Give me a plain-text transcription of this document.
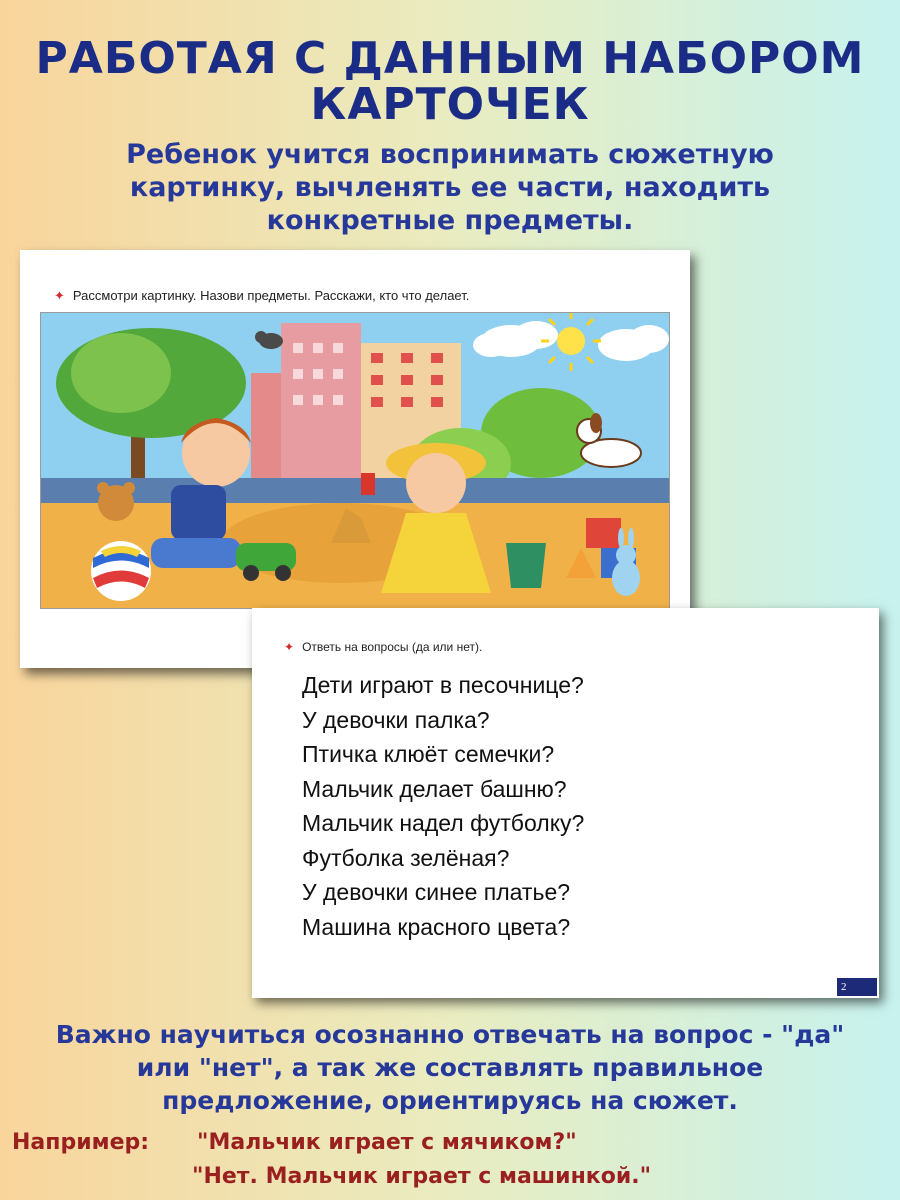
РАБОТАЯ С ДАННЫМ НАБОРОМ
КАРТОЧЕК
Ребенок учится воспринимать сюжетную картинку, вычленять ее части, находить конкретные предметы.
✦ Рассмотри картинку. Назови предметы. Расскажи, кто что делает.
✦ Ответь на вопросы (да или нет).
Дети играют в песочнице?
У девочки палка?
Птичка клюёт семечки?
Мальчик делает башню?
Мальчик надел футболку?
Футболка зелёная?
У девочки синее платье?
Машина красного цвета?
2
Важно научиться осознанно отвечать на вопрос - "да" или "нет", а так же составлять правильное предложение, ориентируясь на сюжет.
Например: "Мальчик играет с мячиком?"
"Нет. Мальчик играет с машинкой."
